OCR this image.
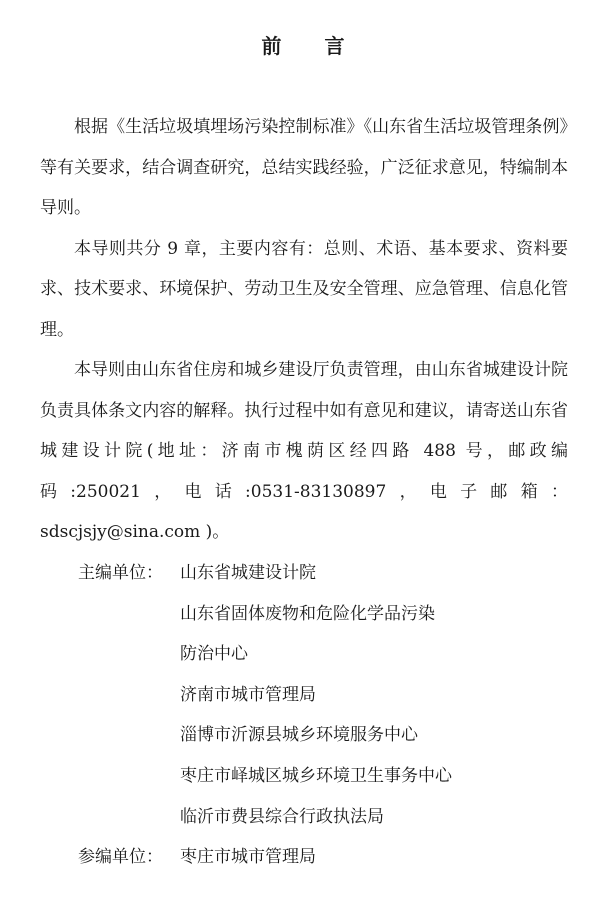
前 言

根据《生活垃圾填埋场污染控制标准》《山东省生活垃圾管理条例》等有关要求，结合调查研究，总结实践经验，广泛征求意见，特编制本导则。

本导则共分 9 章，主要内容有：总则、术语、基本要求、资料要求、技术要求、环境保护、劳动卫生及安全管理、应急管理、信息化管理。

本导则由山东省住房和城乡建设厅负责管理，由山东省城建设计院负责具体条文内容的解释。执行过程中如有意见和建议，请寄送山东省城建设计院(地址：济南市槐荫区经四路 488 号，邮政编码:250021，电话:0531-83130897，电子邮箱：sdscjsjy@sina.com )。

主编单位：	山东省城建设计院
山东省固体废物和危险化学品污染
防治中心
济南市城市管理局
淄博市沂源县城乡环境服务中心
枣庄市峄城区城乡环境卫生事务中心
临沂市费县综合行政执法局
参编单位：	枣庄市城市管理局
